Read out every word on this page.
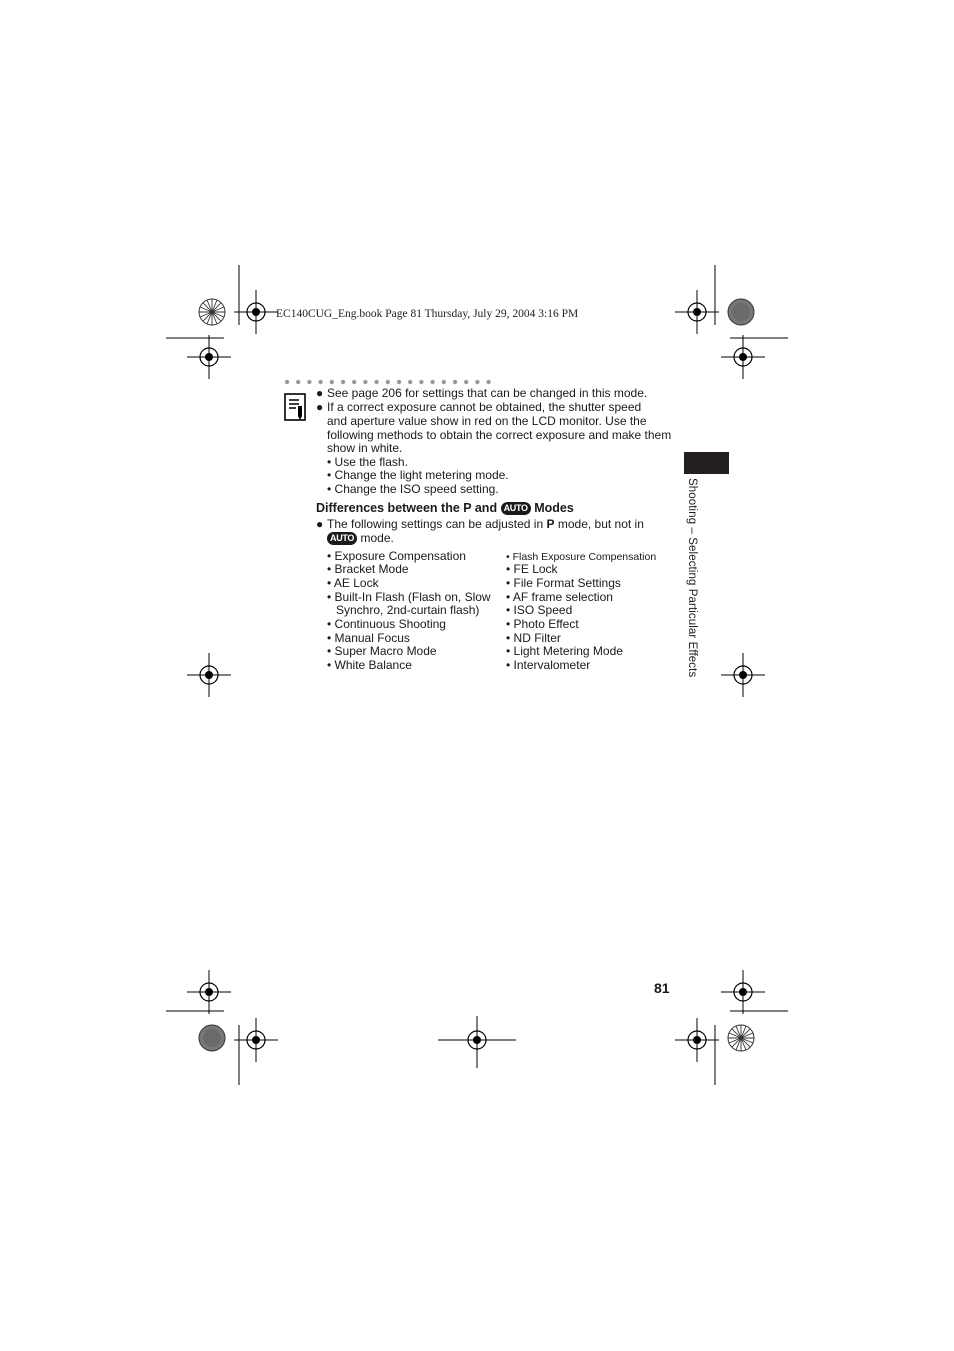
EC140CUG_Eng.book Page 81 Thursday, July 29, 2004 3:16 PM
● See page 206 for settings that can be changed in this mode.
● If a correct exposure cannot be obtained, the shutter speed
and aperture value show in red on the LCD monitor. Use the
following methods to obtain the correct exposure and make them
show in white.
• Use the flash.
• Change the light metering mode.
• Change the ISO speed setting.
Differences between the P and AUTO Modes
● The following settings can be adjusted in P mode, but not in
AUTO mode.
• Exposure Compensation
• Bracket Mode
• AE Lock
• Built-In Flash (Flash on, Slow
Synchro, 2nd-curtain flash)
• Continuous Shooting
• Manual Focus
• Super Macro Mode
• White Balance
• Flash Exposure Compensation
• FE Lock
• File Format Settings
• AF frame selection
• ISO Speed
• Photo Effect
• ND Filter
• Light Metering Mode
• Intervalometer	Shooting – Selecting Particular Effects
81
